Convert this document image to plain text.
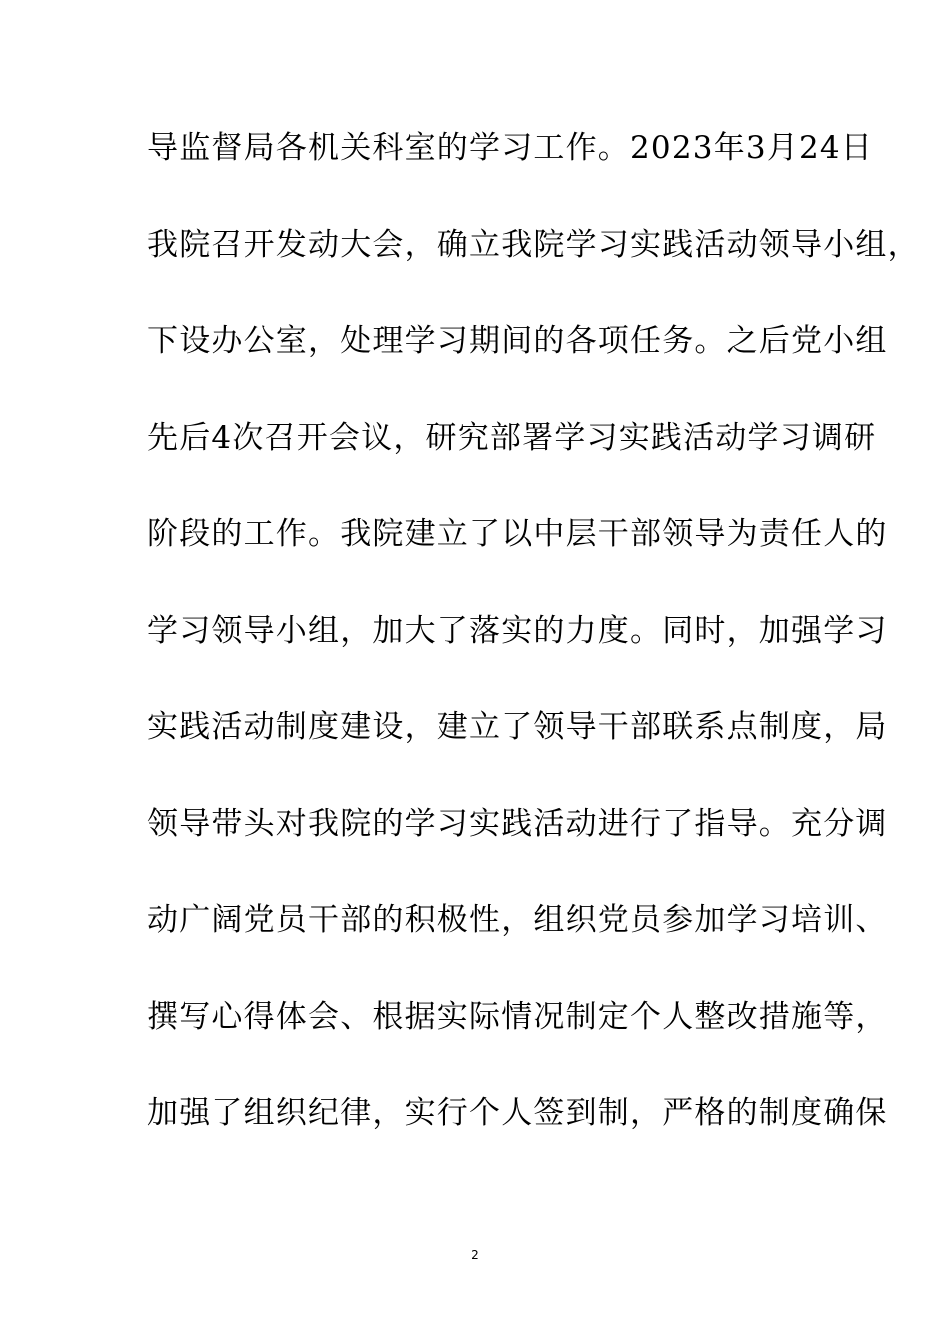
导监督局各机关科室的学习工作。2023年3月24日
我院召开发动大会，确立我院学习实践活动领导小组，
下设办公室，处理学习期间的各项任务。之后党小组
先后4次召开会议，研究部署学习实践活动学习调研
阶段的工作。我院建立了以中层干部领导为责任人的
学习领导小组，加大了落实的力度。同时，加强学习
实践活动制度建设，建立了领导干部联系点制度，局
领导带头对我院的学习实践活动进行了指导。充分调
动广阔党员干部的积极性，组织党员参加学习培训、
撰写心得体会、根据实际情况制定个人整改措施等，
加强了组织纪律，实行个人签到制，严格的制度确保
2
